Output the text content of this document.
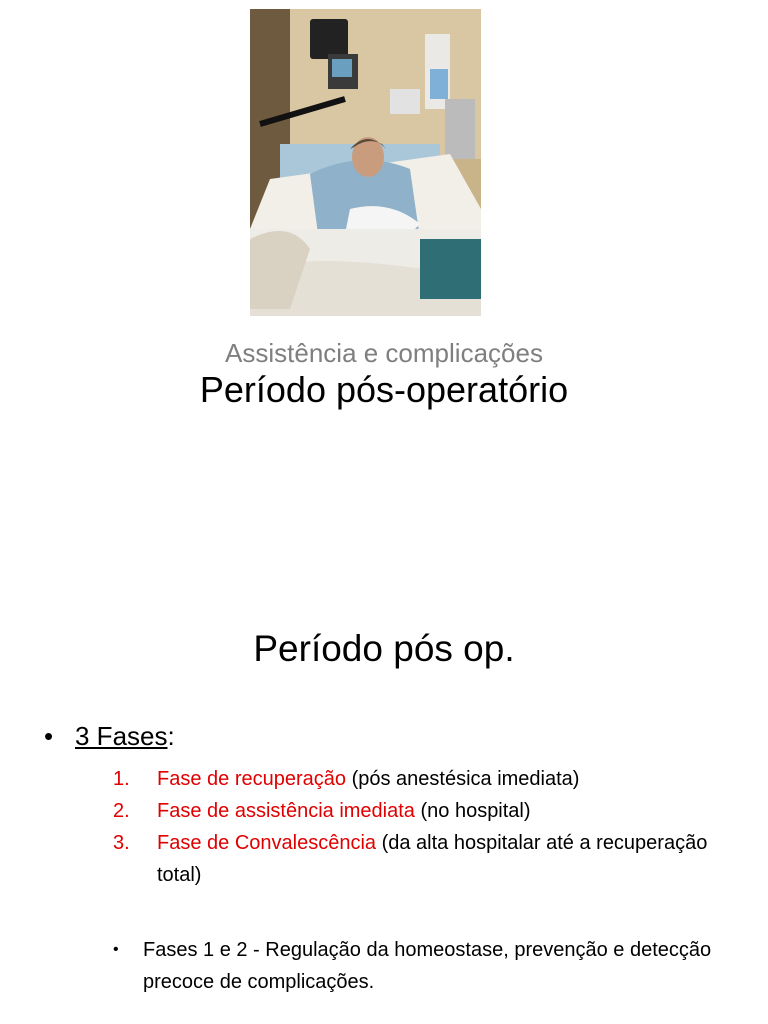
Assistência e complicações
Período pós-operatório
Período pós op.
• 3 Fases:
1.	Fase de recuperação (pós anestésica imediata)
2.	Fase de assistência imediata (no hospital)
3.	Fase de Convalescência (da alta hospitalar até a recuperação total)
•	Fases 1 e 2 - Regulação da homeostase, prevenção e detecção precoce de complicações.
